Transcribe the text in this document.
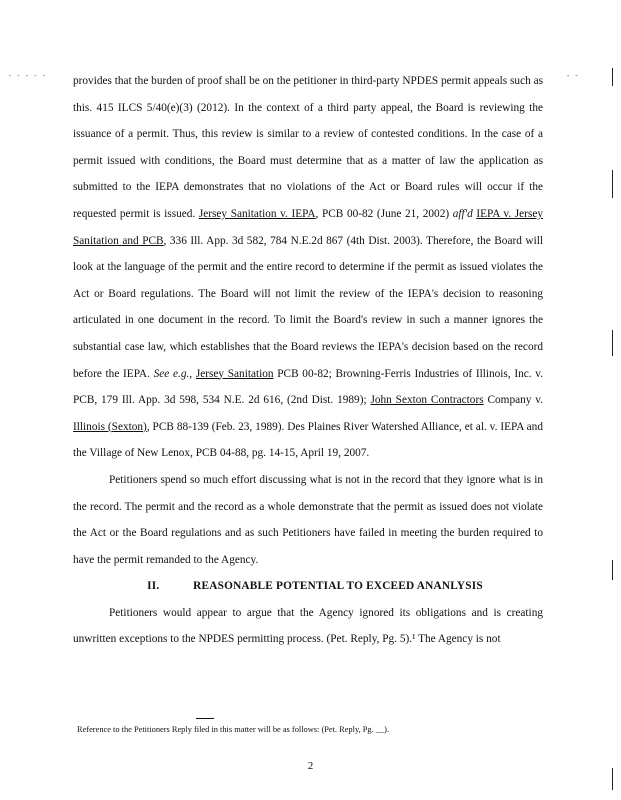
- - - - -	- -

provides that the burden of proof shall be on the petitioner in third-party NPDES permit appeals such as this. 415 ILCS 5/40(e)(3) (2012). In the context of a third party appeal, the Board is reviewing the issuance of a permit. Thus, this review is similar to a review of contested conditions. In the case of a permit issued with conditions, the Board must determine that as a matter of law the application as submitted to the IEPA demonstrates that no violations of the Act or Board rules will occur if the requested permit is issued. Jersey Sanitation v. IEPA, PCB 00-82 (June 21, 2002) aff'd IEPA v. Jersey Sanitation and PCB, 336 Ill. App. 3d 582, 784 N.E.2d 867 (4th Dist. 2003). Therefore, the Board will look at the language of the permit and the entire record to determine if the permit as issued violates the Act or Board regulations. The Board will not limit the review of the IEPA's decision to reasoning articulated in one document in the record. To limit the Board's review in such a manner ignores the substantial case law, which establishes that the Board reviews the IEPA's decision based on the record before the IEPA. See e.g., Jersey Sanitation PCB 00-82; Browning-Ferris Industries of Illinois, Inc. v. PCB, 179 Ill. App. 3d 598, 534 N.E. 2d 616, (2nd Dist. 1989); John Sexton Contractors Company v. Illinois (Sexton), PCB 88-139 (Feb. 23, 1989). Des Plaines River Watershed Alliance, et al. v. IEPA and the Village of New Lenox, PCB 04-88, pg. 14-15, April 19, 2007.

Petitioners spend so much effort discussing what is not in the record that they ignore what is in the record. The permit and the record as a whole demonstrate that the permit as issued does not violate the Act or the Board regulations and as such Petitioners have failed in meeting the burden required to have the permit remanded to the Agency.

II.	REASONABLE POTENTIAL TO EXCEED ANANLYSIS

Petitioners would appear to argue that the Agency ignored its obligations and is creating unwritten exceptions to the NPDES permitting process. (Pet. Reply, Pg. 5).¹ The Agency is not

Reference to the Petitioners Reply filed in this matter will be as follows: (Pet. Reply, Pg. __).
2
